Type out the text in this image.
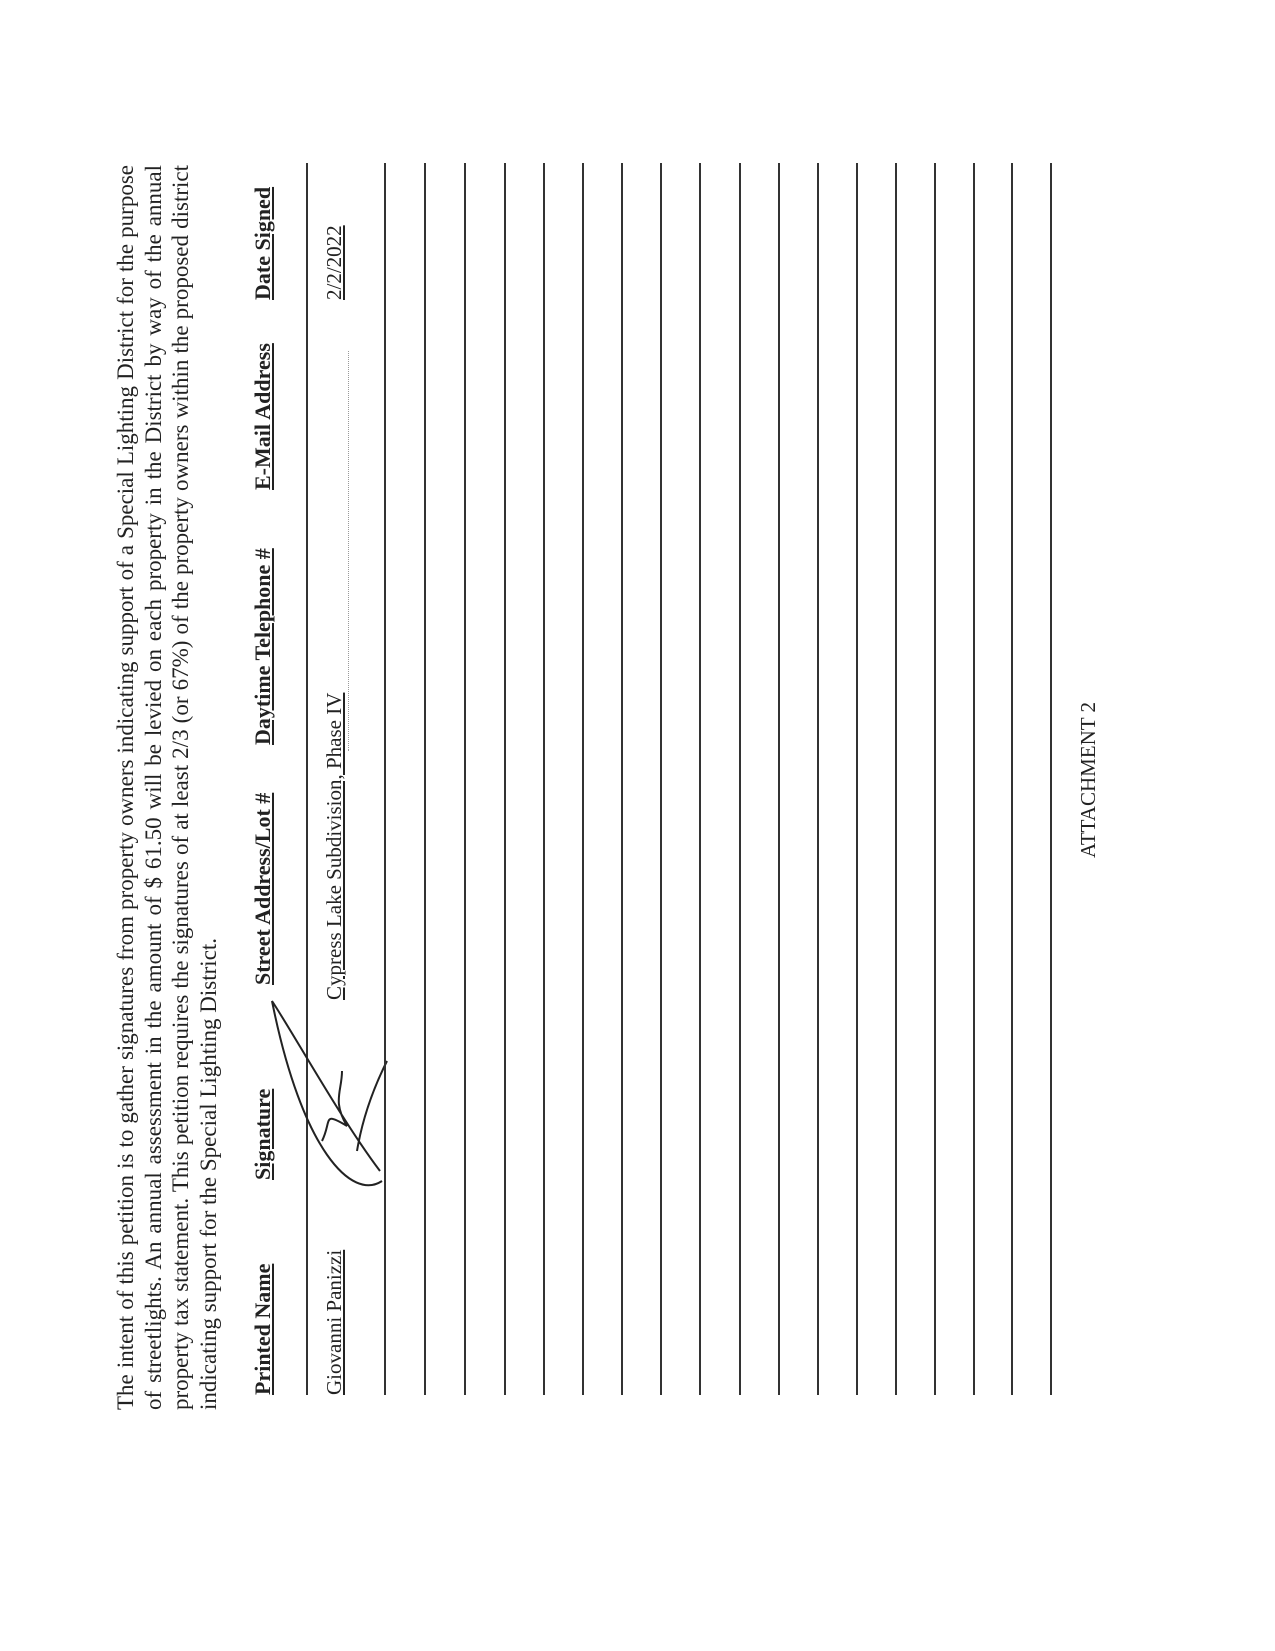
The intent of this petition is to gather signatures from property owners indicating support of a Special Lighting District for the purpose of streetlights. An annual assessment in the amount of $ 61.50 will be levied on each property in the District by way of the annual property tax statement. This petition requires the signatures of at least 2/3 (or 67%) of the property owners within the proposed district indicating support for the Special Lighting District. Printed Name
Signature
Street Address/Lot #
Daytime Telephone #
E-Mail Address
Date Signed
Giovanni Panizzi
Cypress Lake Subdivision, Phase IV
2/2/2022
ATTACHMENT 2
